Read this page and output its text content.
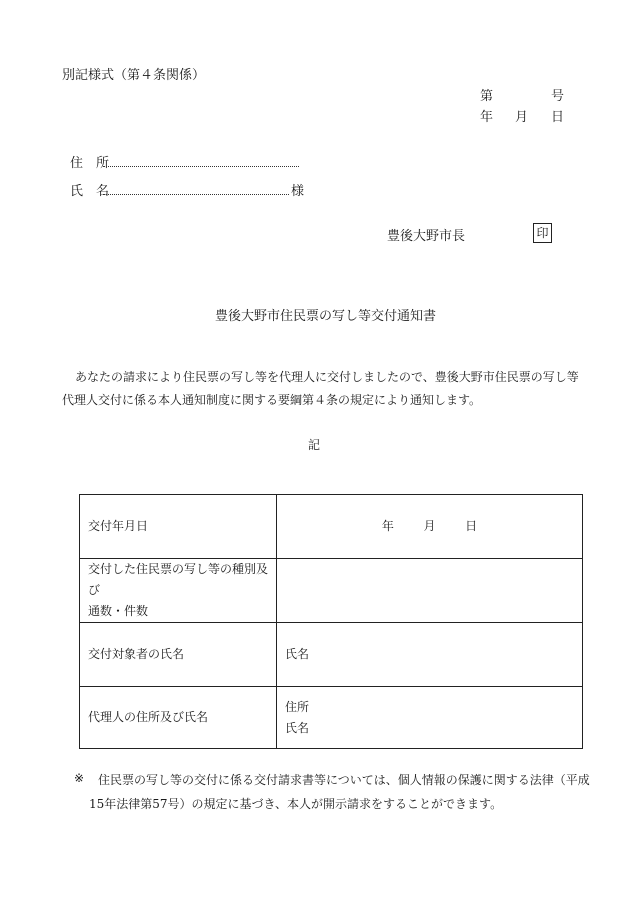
別記様式（第４条関係）
第	号
年 月 日
住　所
氏　名	様
豊後大野市長	印
豊後大野市住民票の写し等交付通知書
あなたの請求により住民票の写し等を代理人に交付しましたので、豊後大野市住民票の写し等
代理人交付に係る本人通知制度に関する要綱第４条の規定により通知します。
記
交付年月日	年 月 日

交付した住民票の写し等の種別及び
通数・件数	

交付対象者の氏名	氏名
代理人の住所及び氏名	住所
氏名
※ 住民票の写し等の交付に係る交付請求書等については、個人情報の保護に関する法律（平成
15年法律第57号）の規定に基づき、本人が開示請求をすることができます。
